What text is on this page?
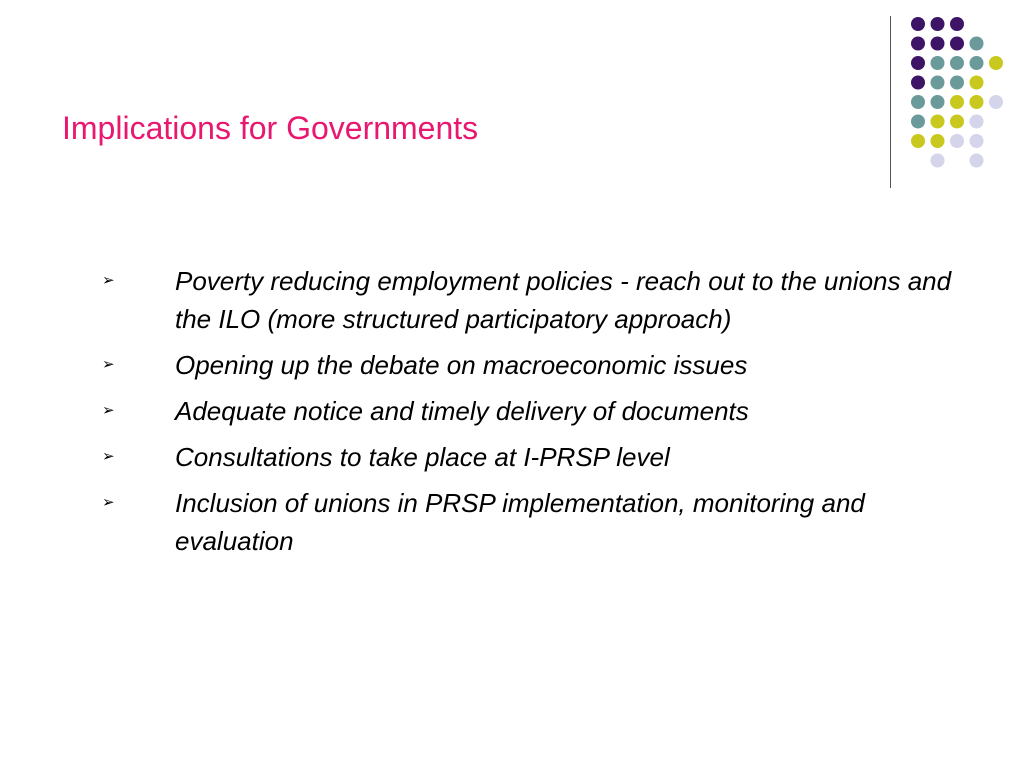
Implications for Governments
➢ Poverty reducing employment policies - reach out to the unions and the ILO (more structured participatory approach)
➢ Opening up the debate on macroeconomic issues
➢ Adequate notice and timely delivery of documents
➢ Consultations to take place at I-PRSP level
➢ Inclusion of unions in PRSP implementation, monitoring and evaluation
